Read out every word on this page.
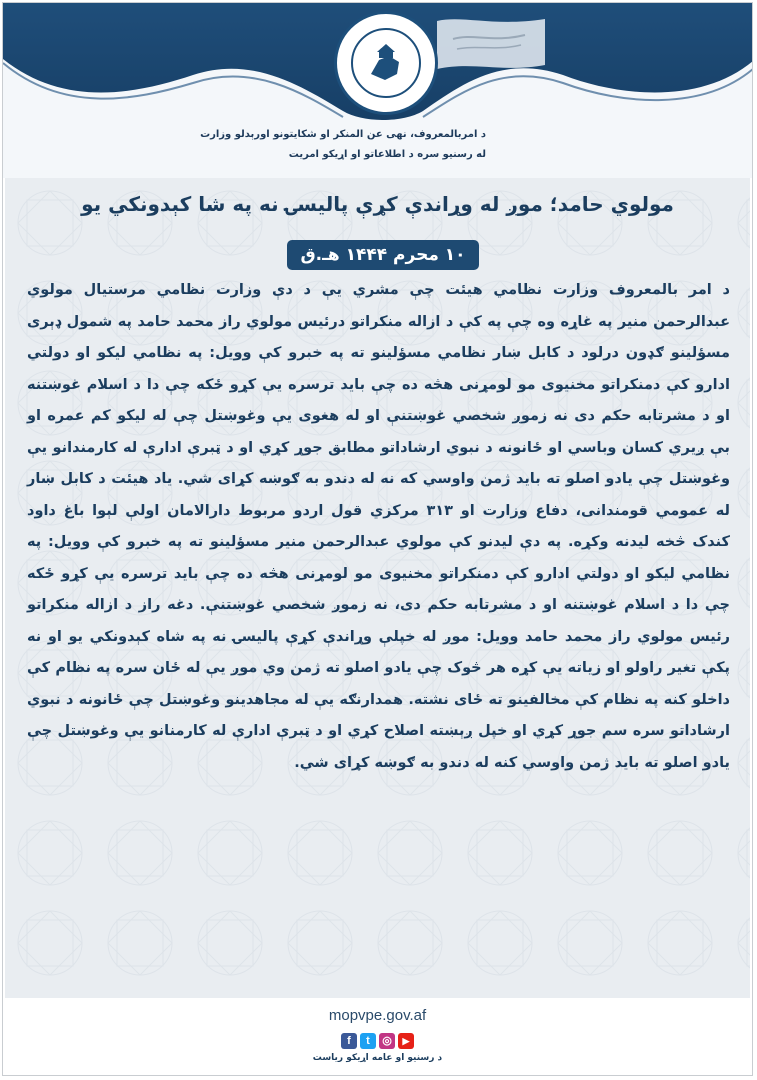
د امربالمعروف، نهی عن المنکر او شکایتونو اورېدلو وزارت
له رسنیو سره د اطلاعاتو او اړیکو امریت
مولوي حامد؛ موږ له وړاندې کړې پالیسۍ نه په شا کېدونکي یو
۱۰ محرم ۱۴۴۴ هـ.ق
د امر بالمعروف وزارت نظامي هیئت چې مشري یې د دې وزارت نظامي مرستیال مولوي عبدالرحمن منیر په غاړه وه چې په کې د ازاله منکراتو درئیس مولوي راز محمد حامد په شمول ډېرى مسؤلينو ګډون درلود د کابل ښار نظامي مسؤلينو ته په خبرو کې وويل: په نظامي ليکو او دولتي ادارو کې دمنکراتو مخنيوى مو لومړنى هڅه ده چې بايد ترسره يې کړو ځکه چې دا د اسلام غوښتنه او د مشرتابه حکم دى نه زموږ شخصي غوښتنې او له هغوى يې وغوښتل چې له ليکو کم عمره او بې ږيري کسان وباسي او ځانونه د نبوي ارشاداتو مطابق جوړ کړي او د ټبرې ادارې له کارمندانو يې وغوښتل چې يادو اصلو ته بايد ژمن واوسي که نه له دندو به ګوښه کړای شي. ياد هيئت د کابل ښار له عمومي قومندانى، دفاع وزارت او ۳۱۳ مرکزي قول اردو مربوط دارالامان اولې لېوا باغ داود کندک څخه ليدنه وکړه. په دې ليدنو کې مولوي عبدالرحمن منير مسؤلينو ته په خبرو کې وويل: په نظامي ليکو او دولتي ادارو کې دمنکراتو مخنيوى مو لومړنى هڅه ده چې بايد ترسره يې کړو ځکه چې دا د اسلام غوښتنه او د مشرتابه حکم دى، نه زموږ شخصي غوښتنې. دغه راز د ازاله منکراتو رئيس مولوي راز محمد حامد وويل: موږ له خپلې وړاندې کړې پالیسۍ نه په شاه کېدونکي يو او نه پکې تغير راولو او زياته يې کړه هر څوک چې يادو اصلو ته ژمن وي موږ يې له ځان سره په نظام کې داخلو کنه په نظام کې مخالفينو ته ځاى نشته. همدارنګه يې له مجاهدينو وغوښتل چې ځانونه د نبوي ارشاداتو سره سم جوړ کړي او خپل ږېښته اصلاح کړي او د ټبرې ادارې له کارمنانو يې وغوښتل چې يادو اصلو ته بايد ژمن واوسي کنه له دندو به ګوښه کړاى شي.
mopvpe.gov.af
f	t	◎	▶
د رسنیو او عامه اړیکو ریاست
